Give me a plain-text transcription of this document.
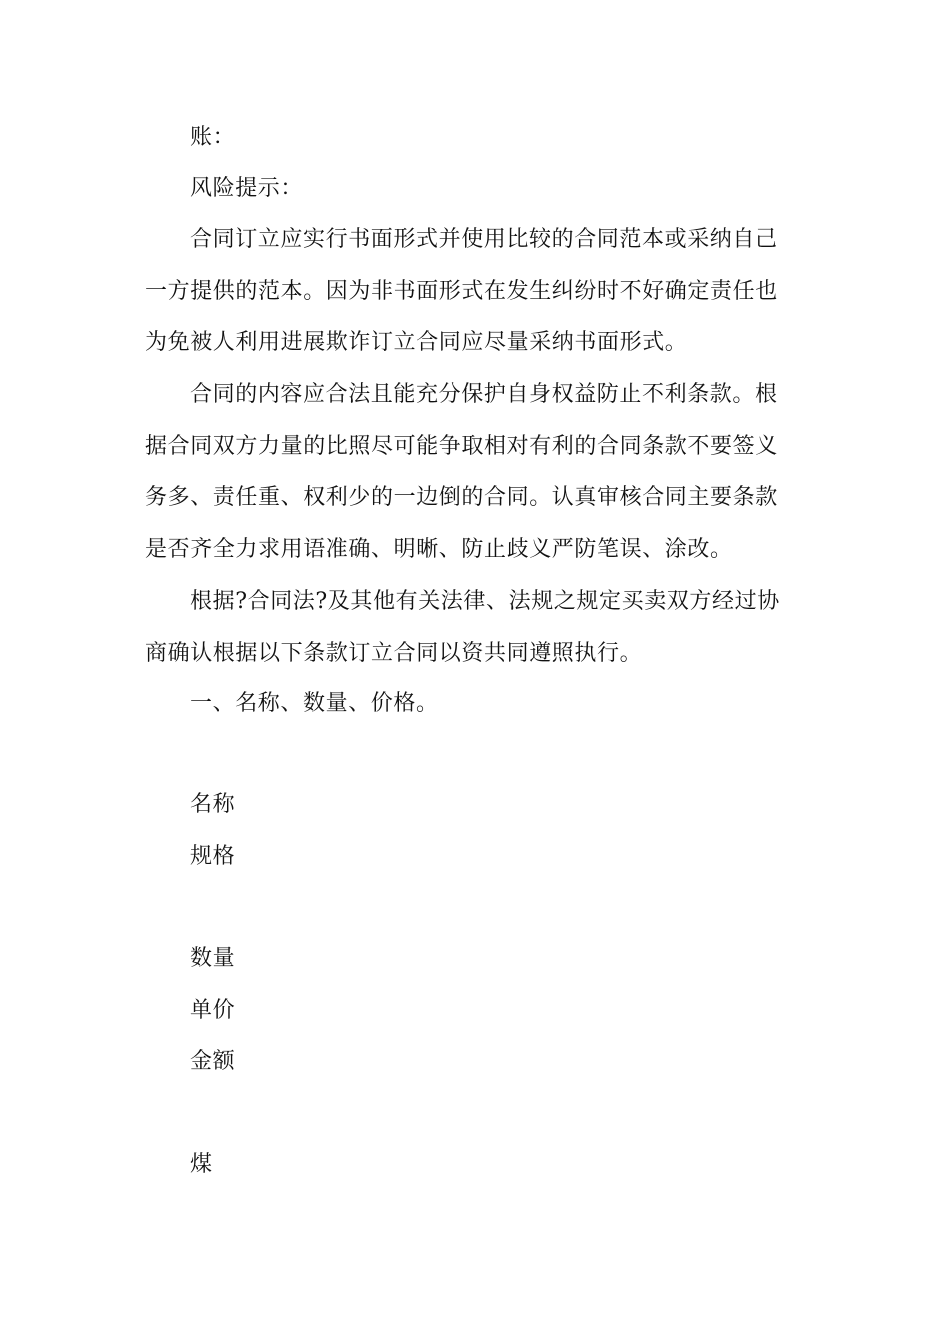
账：
风险提示：
合同订立应实行书面形式并使用比较的合同范本或采纳自己一方提供的范本。因为非书面形式在发生纠纷时不好确定责任也为免被人利用进展欺诈订立合同应尽量采纳书面形式。
合同的内容应合法且能充分保护自身权益防止不利条款。根据合同双方力量的比照尽可能争取相对有利的合同条款不要签义务多、责任重、权利少的一边倒的合同。认真审核合同主要条款是否齐全力求用语准确、明晰、防止歧义严防笔误、涂改。
根据?合同法?及其他有关法律、法规之规定买卖双方经过协商确认根据以下条款订立合同以资共同遵照执行。
一、名称、数量、价格。
名称
规格
数量
单价
金额
煤
